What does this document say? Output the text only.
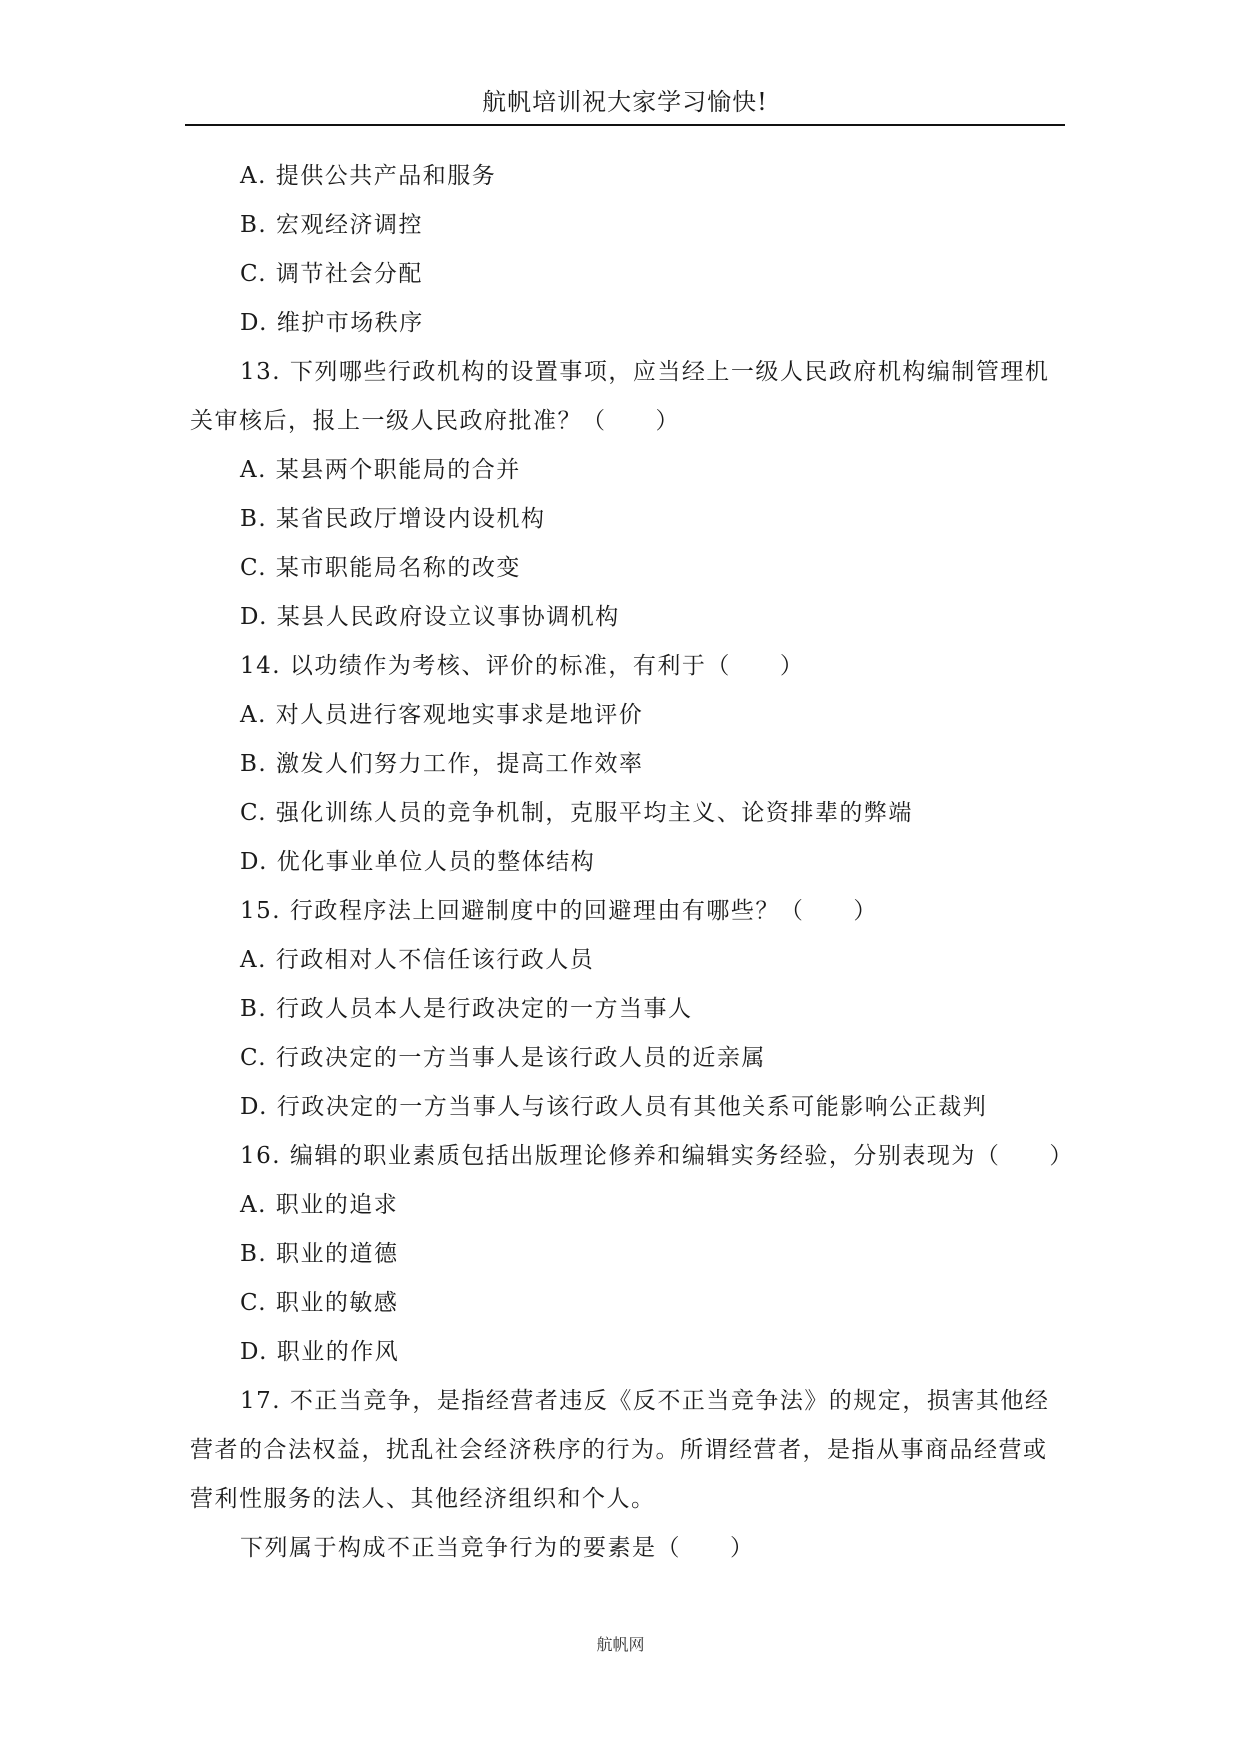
航帆培训祝大家学习愉快!
A. 提供公共产品和服务
B. 宏观经济调控
C. 调节社会分配
D. 维护市场秩序
13. 下列哪些行政机构的设置事项，应当经上一级人民政府机构编制管理机
关审核后，报上一级人民政府批准？（　　）
A. 某县两个职能局的合并
B. 某省民政厅增设内设机构
C. 某市职能局名称的改变
D. 某县人民政府设立议事协调机构
14. 以功绩作为考核、评价的标准，有利于（　　）
A. 对人员进行客观地实事求是地评价
B. 激发人们努力工作，提高工作效率
C. 强化训练人员的竞争机制，克服平均主义、论资排辈的弊端
D. 优化事业单位人员的整体结构
15. 行政程序法上回避制度中的回避理由有哪些？（　　）
A. 行政相对人不信任该行政人员
B. 行政人员本人是行政决定的一方当事人
C. 行政决定的一方当事人是该行政人员的近亲属
D. 行政决定的一方当事人与该行政人员有其他关系可能影响公正裁判
16. 编辑的职业素质包括出版理论修养和编辑实务经验，分别表现为（　　）
A. 职业的追求
B. 职业的道德
C. 职业的敏感
D. 职业的作风
17. 不正当竞争，是指经营者违反《反不正当竞争法》的规定，损害其他经
营者的合法权益，扰乱社会经济秩序的行为。所谓经营者，是指从事商品经营或
营利性服务的法人、其他经济组织和个人。
下列属于构成不正当竞争行为的要素是（　　）
航帆网
